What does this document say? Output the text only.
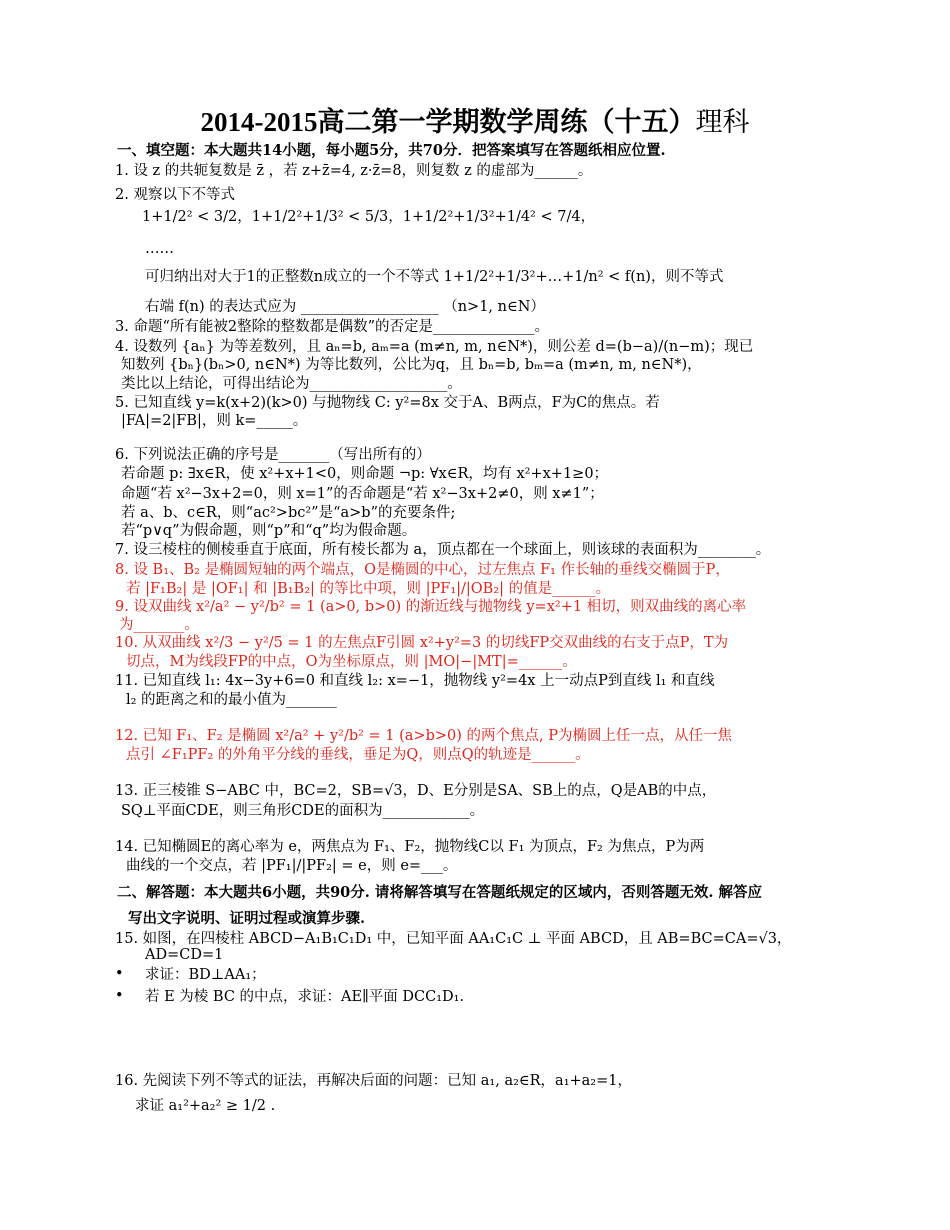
2014-2015高二第一学期数学周练（十五）理科
一、填空题：本大题共14小题，每小题5分，共70分．把答案填写在答题纸相应位置.
1. 设 z 的共轭复数是 z̄ ，若 z+z̄=4, z·z̄=8，则复数 z 的虚部为______。
2. 观察以下不等式
1+1/2² < 3/2，1+1/2²+1/3² < 5/3，1+1/2²+1/3²+1/4² < 7/4，
……
可归纳出对大于1的正整数n成立的一个不等式 1+1/2²+1/3²+…+1/n² < f(n)，则不等式
右端 f(n) 的表达式应为 ___________________ （n>1, n∈N）
3. 命题“所有能被2整除的整数都是偶数”的否定是______________。
4. 设数列 {aₙ} 为等差数列，且 aₙ=b, aₘ=a (m≠n, m, n∈N*)，则公差 d=(b−a)/(n−m)；现已
知数列 {bₙ}(bₙ>0, n∈N*) 为等比数列，公比为q，且 bₙ=b, bₘ=a (m≠n, m, n∈N*)，
类比以上结论，可得出结论为___________________。
5. 已知直线 y=k(x+2)(k>0) 与抛物线 C: y²=8x 交于A、B两点，F为C的焦点。若
|FA|=2|FB|，则 k=_____。
6. 下列说法正确的序号是_______（写出所有的）
若命题 p: ∃x∈R，使 x²+x+1<0，则命题 ¬p: ∀x∈R，均有 x²+x+1≥0；
命题“若 x²−3x+2=0，则 x=1”的否命题是“若 x²−3x+2≠0，则 x≠1”；
若 a、b、c∈R，则“ac²>bc²”是“a>b”的充要条件;
若“p∨q”为假命题，则“p”和“q”均为假命题。
7. 设三棱柱的侧棱垂直于底面，所有棱长都为 a，顶点都在一个球面上，则该球的表面积为________。
8. 设 B₁、B₂ 是椭圆短轴的两个端点，O是椭圆的中心，过左焦点 F₁ 作长轴的垂线交椭圆于P，
若 |F₁B₂| 是 |OF₁| 和 |B₁B₂| 的等比中项，则 |PF₁|/|OB₂| 的值是______。
9. 设双曲线 x²/a² − y²/b² = 1 (a>0, b>0) 的渐近线与抛物线 y=x²+1 相切，则双曲线的离心率
为_______。
10. 从双曲线 x²/3 − y²/5 = 1 的左焦点F引圆 x²+y²=3 的切线FP交双曲线的右支于点P，T为
切点，M为线段FP的中点，O为坐标原点，则 |MO|−|MT|=______。
11. 已知直线 l₁: 4x−3y+6=0 和直线 l₂: x=−1，抛物线 y²=4x 上一动点P到直线 l₁ 和直线
l₂ 的距离之和的最小值为_______
12. 已知 F₁、F₂ 是椭圆 x²/a² + y²/b² = 1 (a>b>0) 的两个焦点, P为椭圆上任一点，从任一焦
点引 ∠F₁PF₂ 的外角平分线的垂线，垂足为Q，则点Q的轨迹是______。
13. 正三棱锥 S−ABC 中，BC=2，SB=√3，D、E分别是SA、SB上的点，Q是AB的中点，
SQ⊥平面CDE，则三角形CDE的面积为____________。
14. 已知椭圆E的离心率为 e，两焦点为 F₁、F₂，抛物线C以 F₁ 为顶点，F₂ 为焦点，P为两
曲线的一个交点，若 |PF₁|/|PF₂| = e，则 e=___。
二、解答题：本大题共6小题，共90分. 请将解答填写在答题纸规定的区域内，否则答题无效. 解答应
写出文字说明、证明过程或演算步骤.
15. 如图，在四棱柱 ABCD−A₁B₁C₁D₁ 中，已知平面 AA₁C₁C ⊥ 平面 ABCD，且 AB=BC=CA=√3，
AD=CD=1
• 求证：BD⊥AA₁；
• 若 E 为棱 BC 的中点，求证：AE∥平面 DCC₁D₁.
16. 先阅读下列不等式的证法，再解决后面的问题：已知 a₁, a₂∈R，a₁+a₂=1，
求证 a₁²+a₂² ≥ 1/2 .
